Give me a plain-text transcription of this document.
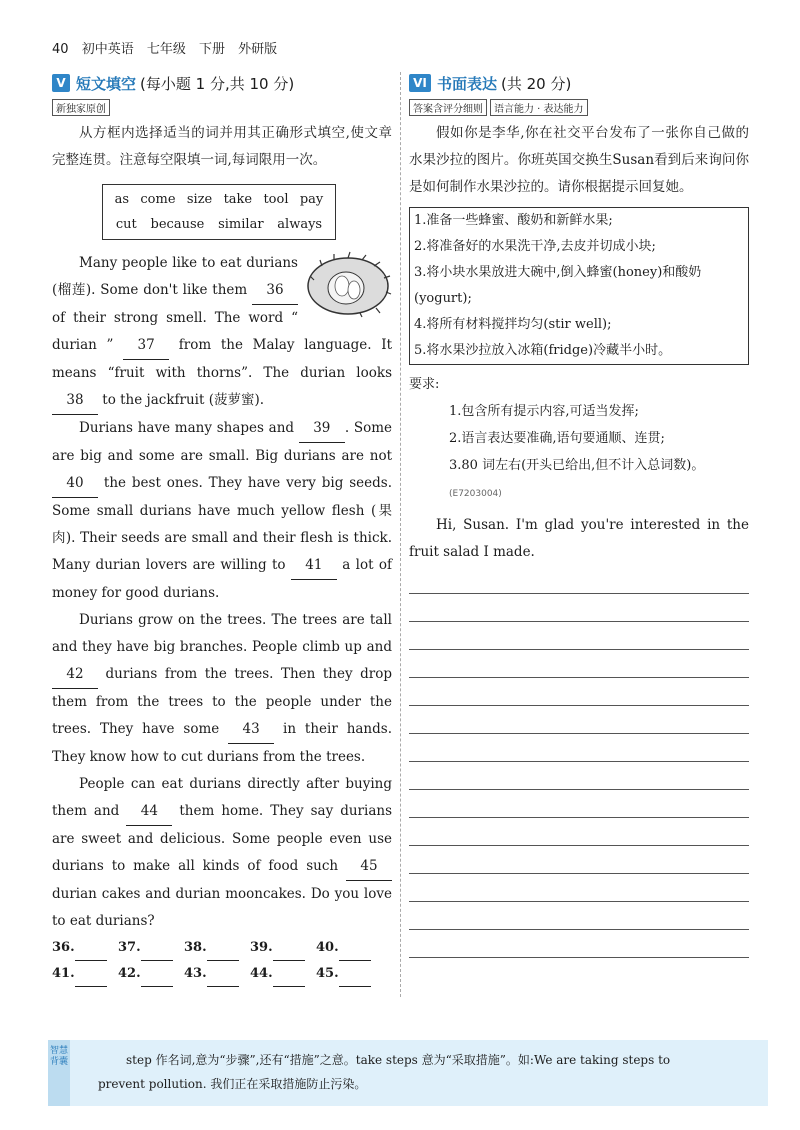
40 初中英语 七年级 下册 外研版
V 短文填空 (每小题 1 分,共 10 分)
新独家原创

从方框内选择适当的词并用其正确形式填空,使文章完整连贯。注意每空限填一词,每词限用一次。

as come size take tool pay
cut because similar always

Many people like to eat durians (榴莲). Some don't like them 36 of their strong smell. The word “ durian ” 37 from the Malay language. It means “fruit with thorns”. The durian looks 38 to the jackfruit (菠萝蜜).

Durians have many shapes and 39 . Some are big and some are small. Big durians are not 40 the best ones. They have very big seeds. Some small durians have much yellow flesh (果肉). Their seeds are small and their flesh is thick. Many durian lovers are willing to 41 a lot of money for good durians.

Durians grow on the trees. The trees are tall and they have big branches. People climb up and 42 durians from the trees. Then they drop them from the trees to the people under the trees. They have some 43 in their hands. They know how to cut durians from the trees.

People can eat durians directly after buying them and 44 them home. They say durians are sweet and delicious. Some people even use durians to make all kinds of food such 45 durian cakes and durian mooncakes. Do you love to eat durians?

36.	37.	38.	39.	40.
41.	42.	43.	44.	45.
VI 书面表达 (共 20 分)
答案含评分细则 语言能力 · 表达能力

假如你是李华,你在社交平台发布了一张你自己做的水果沙拉的图片。你班英国交换生Susan看到后来询问你是如何制作水果沙拉的。请你根据提示回复她。

1.准备一些蜂蜜、酸奶和新鲜水果;
2.将准备好的水果洗干净,去皮并切成小块;
3.将小块水果放进大碗中,倒入蜂蜜(honey)和酸奶(yogurt);
4.将所有材料搅拌均匀(stir well);
5.将水果沙拉放入冰箱(fridge)冷藏半小时。
要求:
1.包含所有提示内容,可适当发挥;
2.语言表达要准确,语句要通顺、连贯;
3.80 词左右(开头已给出,但不计入总词数)。(E7203004)

Hi, Susan. I'm glad you're interested in the fruit salad I made.

智慧背囊	step 作名词,意为“步骤”,还有“措施”之意。take steps 意为“采取措施”。如:We are taking steps to
prevent pollution. 我们正在采取措施防止污染。
